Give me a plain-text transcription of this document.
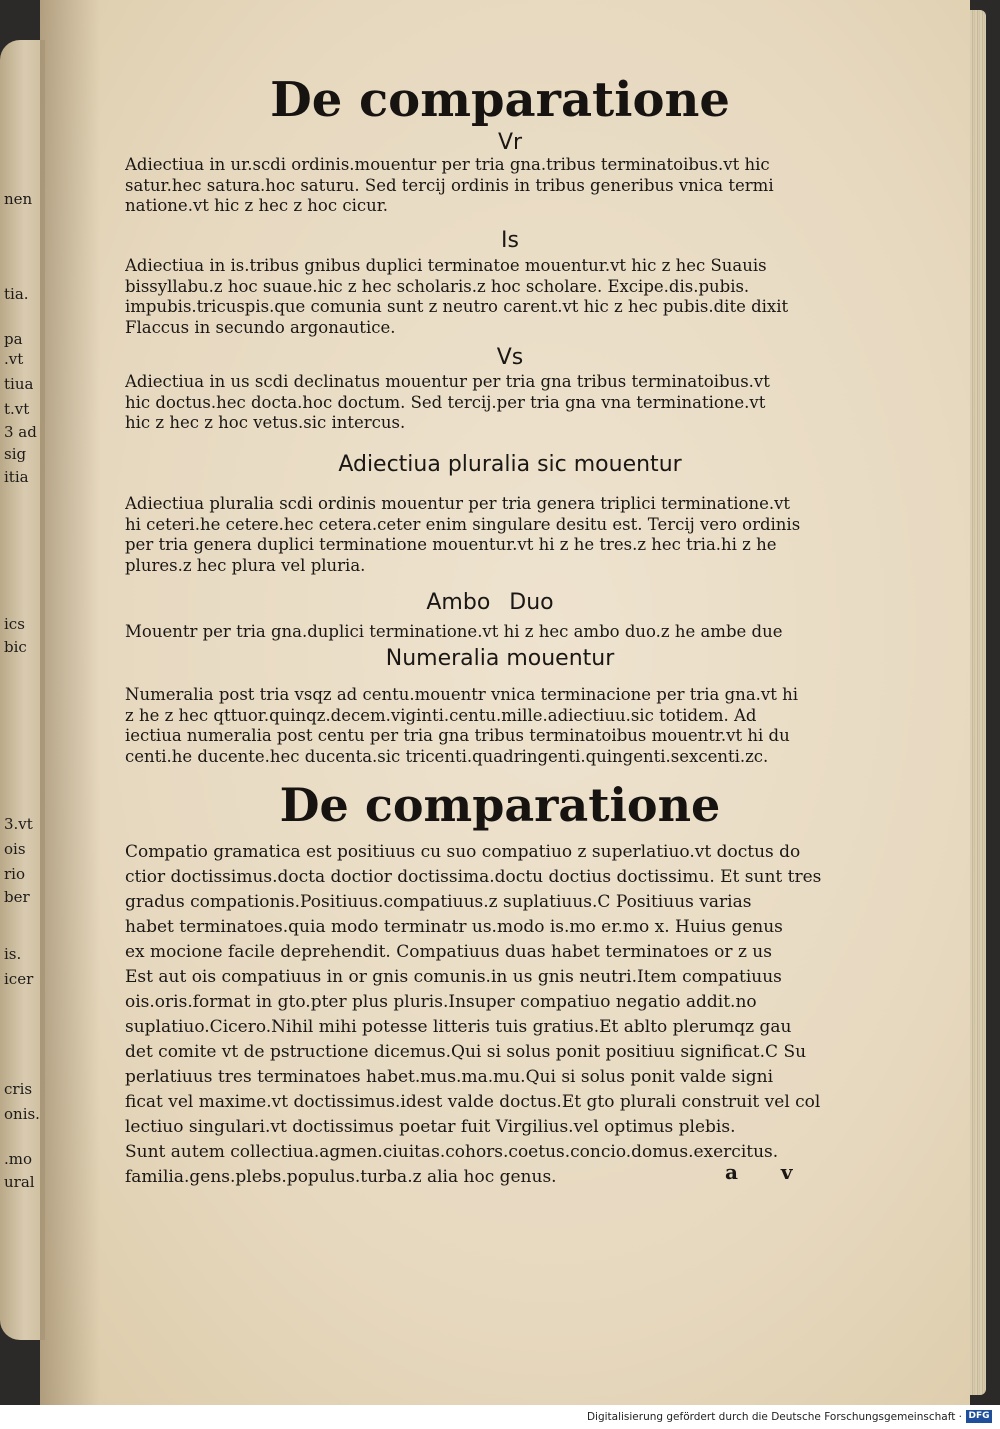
nen
tia.
pa
.vt
tiua
t.vt
3 ad
sig
itia
ics
bic
3.vt
ois
rio
ber
is.
icer
cris
onis.
.mo
ural
De comparatione
Vr
Adiectiua in ur.scdi ordinis.mouentur per tria gna.tribus terminatoibus.vt hic
satur.hec satura.hoc saturu. Sed tercij ordinis in tribus generibus vnica termi
natione.vt hic z hec z hoc cicur.
Is
Adiectiua in is.tribus gnibus duplici terminatoe mouentur.vt hic z hec Suauis
bissyllabu.z hoc suaue.hic z hec scholaris.z hoc scholare. Excipe.dis.pubis.
impubis.tricuspis.que comunia sunt z neutro carent.vt hic z hec pubis.dite dixit
Flaccus in secundo argonautice.
Vs
Adiectiua in us scdi declinatus mouentur per tria gna tribus terminatoibus.vt
hic doctus.hec docta.hoc doctum. Sed tercij.per tria gna vna terminatione.vt
hic z hec z hoc vetus.sic intercus.
Adiectiua pluralia sic mouentur
Adiectiua pluralia scdi ordinis mouentur per tria genera triplici terminatione.vt
hi ceteri.he cetere.hec cetera.ceter enim singulare desitu est. Tercij vero ordinis
per tria genera duplici terminatione mouentur.vt hi z he tres.z hec tria.hi z he
plures.z hec plura vel pluria.
Ambo Duo
Mouentr per tria gna.duplici terminatione.vt hi z hec ambo duo.z he ambe due
Numeralia mouentur
Numeralia post tria vsqz ad centu.mouentr vnica terminacione per tria gna.vt hi
z he z hec qttuor.quinqz.decem.viginti.centu.mille.adiectiuu.sic totidem. Ad
iectiua numeralia post centu per tria gna tribus terminatoibus mouentr.vt hi du
centi.he ducente.hec ducenta.sic tricenti.quadringenti.quingenti.sexcenti.zc.
De comparatione
Compatio gramatica est positiuus cu suo compatiuo z superlatiuo.vt doctus do
ctior doctissimus.docta doctior doctissima.doctu doctius doctissimu. Et sunt tres
gradus compationis.Positiuus.compatiuus.z suplatiuus.C Positiuus varias
habet terminatoes.quia modo terminatr us.modo is.mo er.mo x. Huius genus
ex mocione facile deprehendit. Compatiuus duas habet terminatoes or z us
Est aut ois compatiuus in or gnis comunis.in us gnis neutri.Item compatiuus
ois.oris.format in gto.pter plus pluris.Insuper compatiuo negatio addit.no
suplatiuo.Cicero.Nihil mihi potesse litteris tuis gratius.Et ablto plerumqz gau
det comite vt de pstructione dicemus.Qui si solus ponit positiuu significat.C Su
perlatiuus tres terminatoes habet.mus.ma.mu.Qui si solus ponit valde signi
ficat vel maxime.vt doctissimus.idest valde doctus.Et gto plurali construit vel col
lectiuo singulari.vt doctissimus poetar fuit Virgilius.vel optimus plebis.
Sunt autem collectiua.agmen.ciuitas.cohors.coetus.concio.domus.exercitus.
familia.gens.plebs.populus.turba.z alia hoc genus.	a v
Digitalisierung gefördert durch die Deutsche Forschungsgemeinschaft · DFG
